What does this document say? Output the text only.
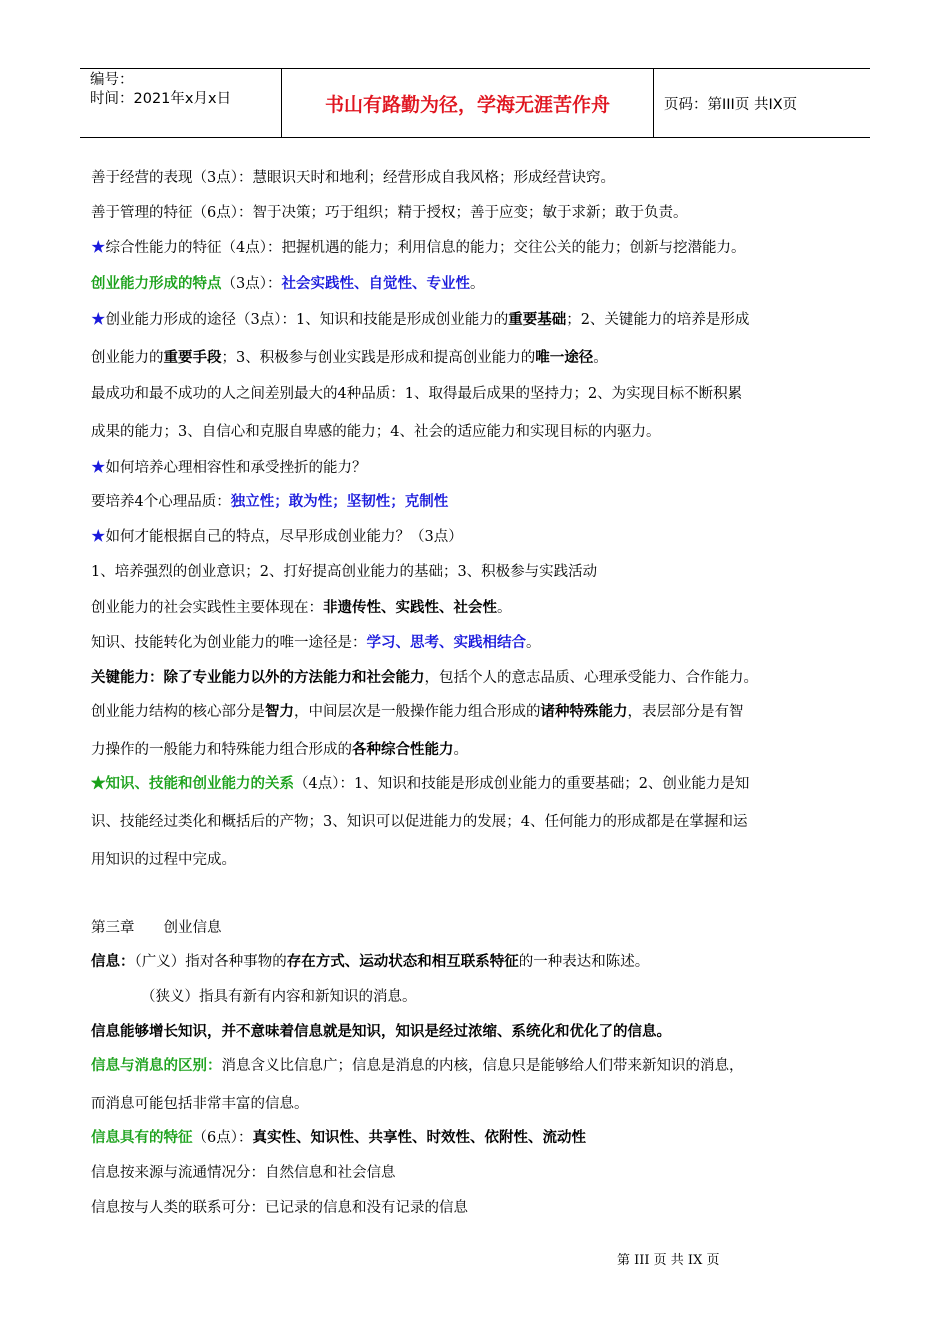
编号：
时间：2021年x月x日	书山有路勤为径，学海无涯苦作舟	页码：第III页 共IX页
善于经营的表现（3点）：慧眼识天时和地利；经营形成自我风格；形成经营诀窍。
善于管理的特征（6点）：智于决策；巧于组织；精于授权；善于应变；敏于求新；敢于负责。
★综合性能力的特征（4点）：把握机遇的能力；利用信息的能力；交往公关的能力；创新与挖潜能力。
创业能力形成的特点（3点）：社会实践性、自觉性、专业性。
★创业能力形成的途径（3点）：1、知识和技能是形成创业能力的重要基础；2、关键能力的培养是形成
创业能力的重要手段；3、积极参与创业实践是形成和提高创业能力的唯一途径。
最成功和最不成功的人之间差别最大的4种品质：1、取得最后成果的坚持力；2、为实现目标不断积累
成果的能力；3、自信心和克服自卑感的能力；4、社会的适应能力和实现目标的内驱力。
★如何培养心理相容性和承受挫折的能力？
要培养4个心理品质：独立性；敢为性；坚韧性；克制性
★如何才能根据自己的特点，尽早形成创业能力？（3点）
1、培养强烈的创业意识；2、打好提高创业能力的基础；3、积极参与实践活动
创业能力的社会实践性主要体现在：非遗传性、实践性、社会性。
知识、技能转化为创业能力的唯一途径是：学习、思考、实践相结合。
关键能力：除了专业能力以外的方法能力和社会能力，包括个人的意志品质、心理承受能力、合作能力。
创业能力结构的核心部分是智力，中间层次是一般操作能力组合形成的诸种特殊能力，表层部分是有智
力操作的一般能力和特殊能力组合形成的各种综合性能力。
★知识、技能和创业能力的关系（4点）：1、知识和技能是形成创业能力的重要基础；2、创业能力是知
识、技能经过类化和概括后的产物；3、知识可以促进能力的发展；4、任何能力的形成都是在掌握和运
用知识的过程中完成。
第三章　　创业信息
信息：（广义）指对各种事物的存在方式、运动状态和相互联系特征的一种表达和陈述。
（狭义）指具有新有内容和新知识的消息。
信息能够增长知识，并不意味着信息就是知识，知识是经过浓缩、系统化和优化了的信息。
信息与消息的区别：消息含义比信息广；信息是消息的内核，信息只是能够给人们带来新知识的消息，
而消息可能包括非常丰富的信息。
信息具有的特征（6点）：真实性、知识性、共享性、时效性、依附性、流动性
信息按来源与流通情况分：自然信息和社会信息
信息按与人类的联系可分：已记录的信息和没有记录的信息
第 III 页 共 IX 页
